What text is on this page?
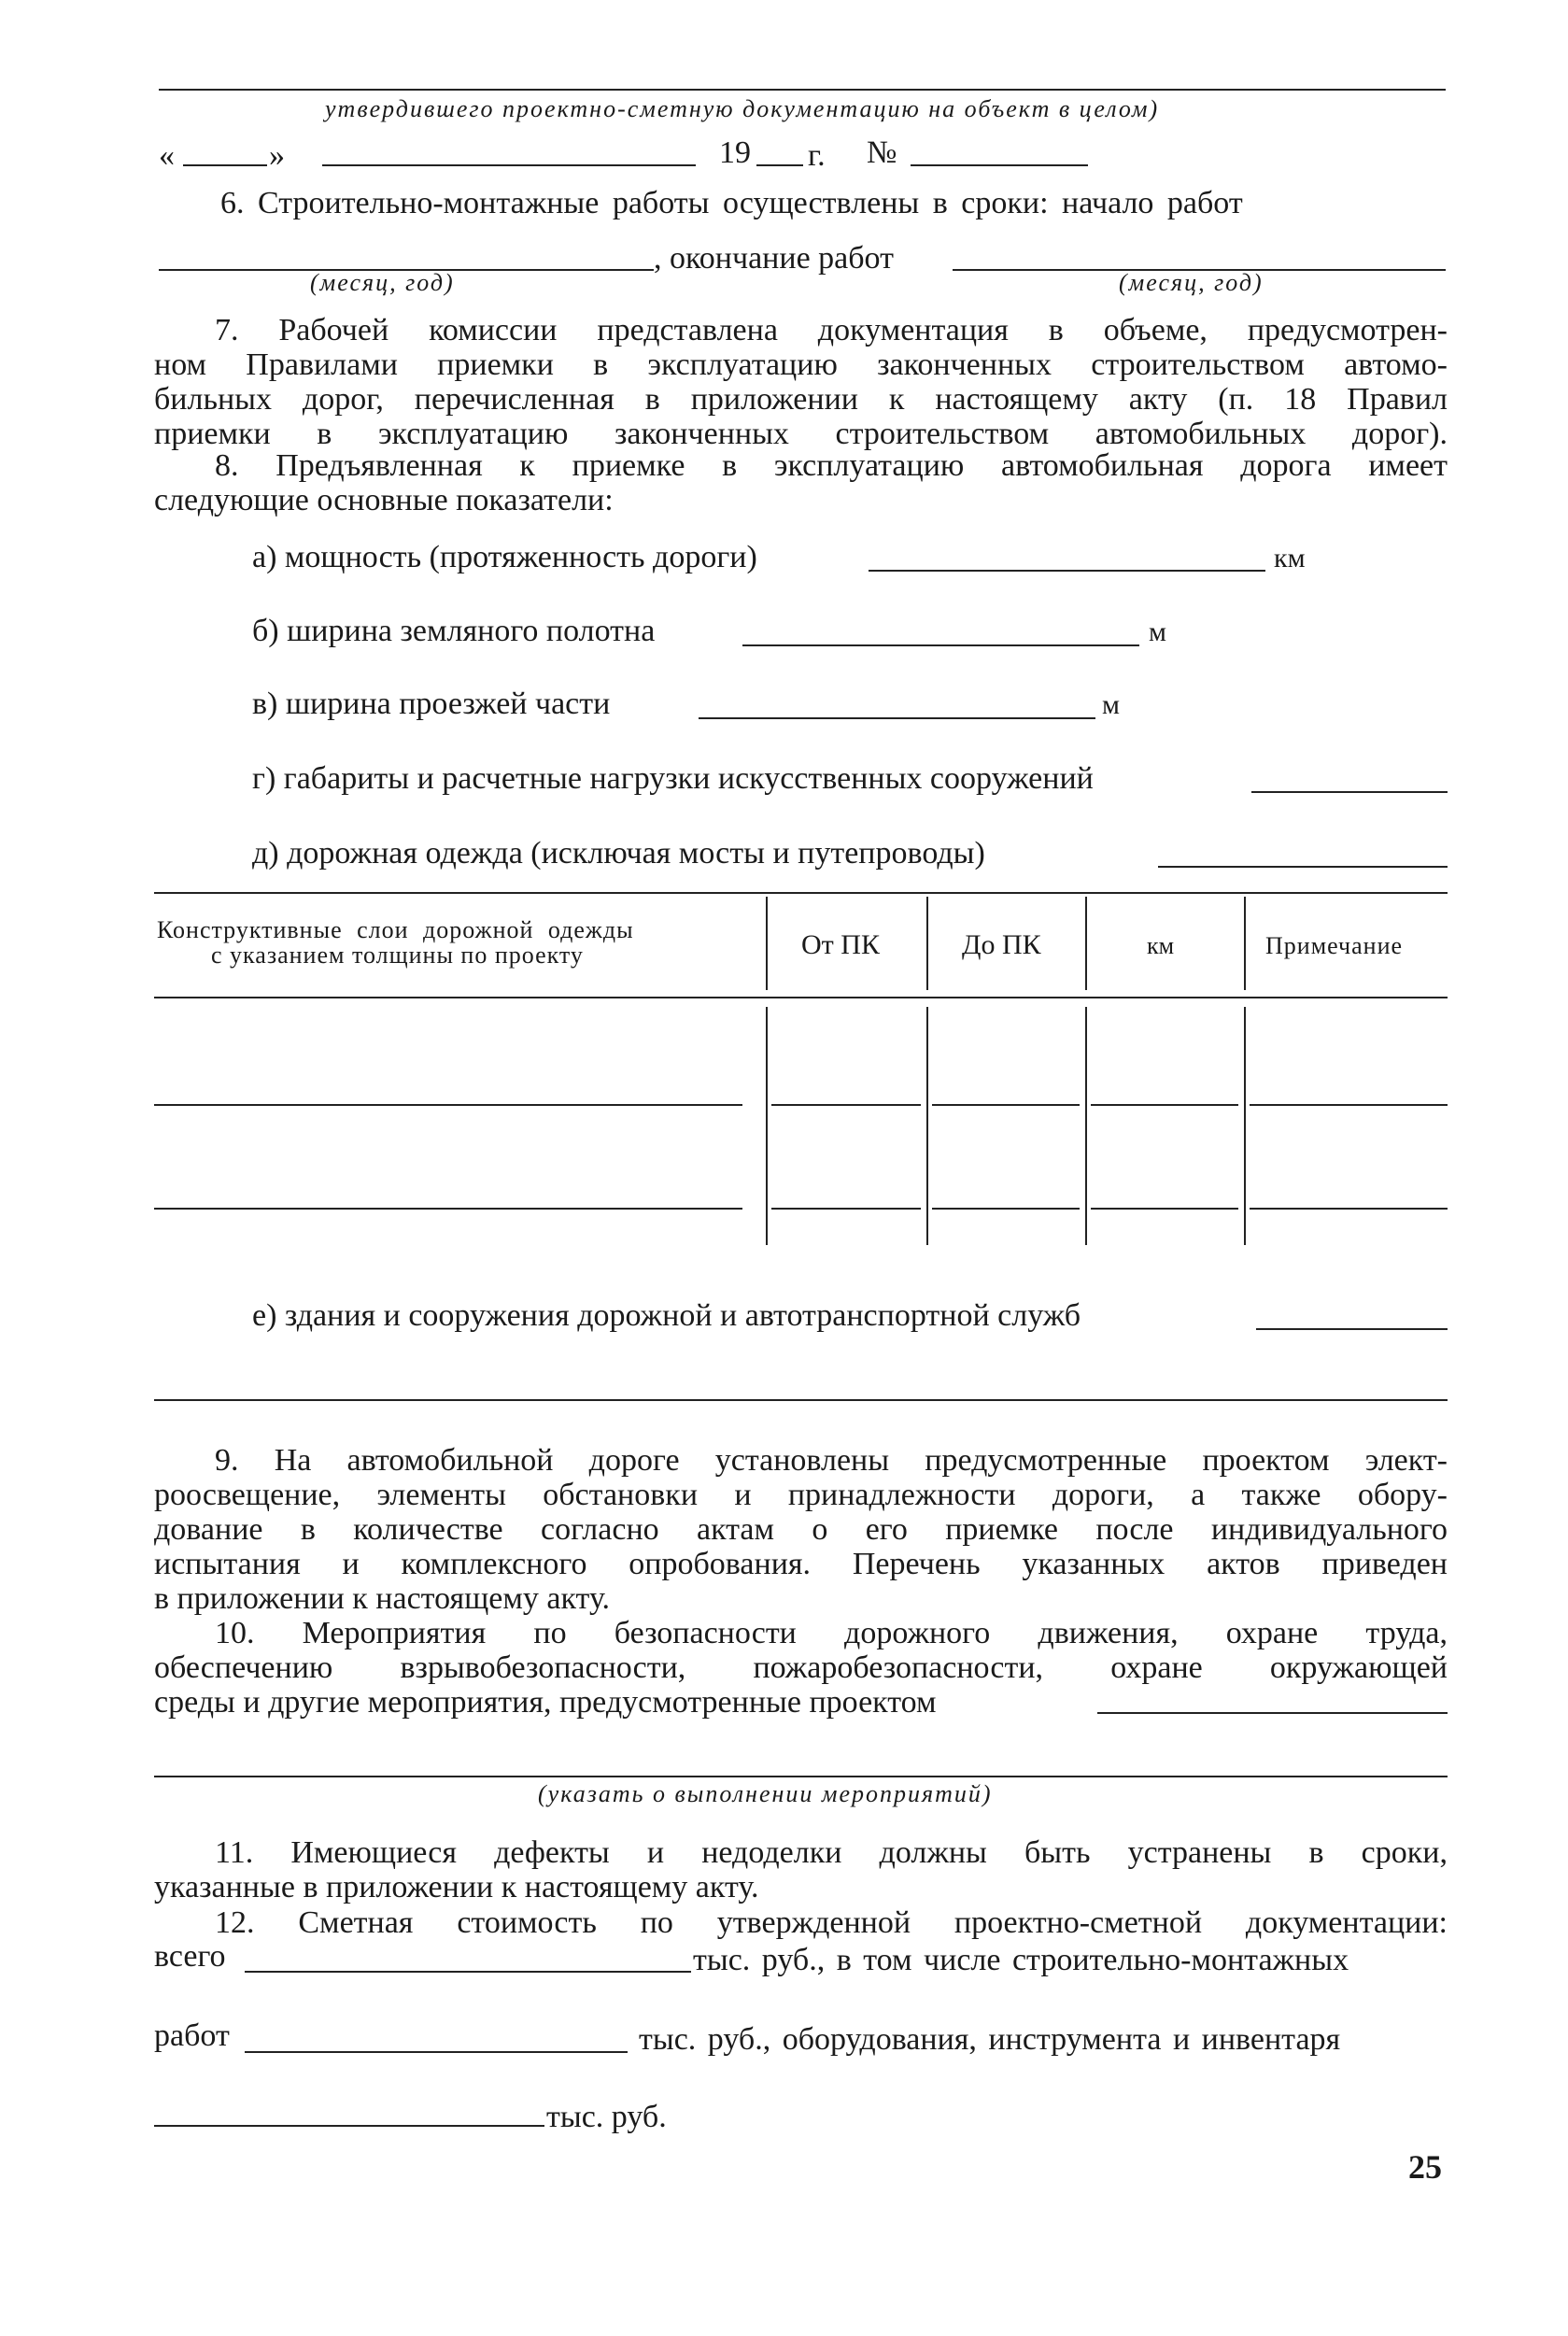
утвердившего проектно-сметную документацию на объект в целом)
«	»	19 г. №
6. Строительно-монтажные работы осуществлены в сроки: начало работ
, окончание работ
(месяц, год)	(месяц, год)
7. Рабочей комиссии представлена документация в объеме, предусмотрен-
ном Правилами приемки в эксплуатацию законченных строительством автомо-
бильных дорог, перечисленная в приложении к настоящему акту (п. 18 Правил
приемки в эксплуатацию законченных строительством автомобильных дорог).
8. Предъявленная к приемке в эксплуатацию автомобильная дорога имеет
следующие основные показатели:
а) мощность (протяженность дороги)	км
б) ширина земляного полотна	м
в) ширина проезжей части	м
г) габариты и расчетные нагрузки искусственных сооружений
д) дорожная одежда (исключая мосты и путепроводы)
Конструктивные слои дорожной одежды
с указанием толщины по проекту	От ПК	До ПК	км	Примечание
е) здания и сооружения дорожной и автотранспортной служб
9. На автомобильной дороге установлены предусмотренные проектом элект-
роосвещение, элементы обстановки и принадлежности дороги, а также обору-
дование в количестве согласно актам о его приемке после индивидуального
испытания и комплексного опробования. Перечень указанных актов приведен
в приложении к настоящему акту.
10. Мероприятия по безопасности дорожного движения, охране труда,
обеспечению взрывобезопасности, пожаробезопасности, охране окружающей
среды и другие мероприятия, предусмотренные проектом
(указать о выполнении мероприятий)
11. Имеющиеся дефекты и недоделки должны быть устранены в сроки,
указанные в приложении к настоящему акту.
12. Сметная стоимость по утвержденной проектно-сметной документации:
всего	тыс. руб., в том числе строительно-монтажных
работ	тыс. руб., оборудования, инструмента и инвентаря
тыс. руб.
25
